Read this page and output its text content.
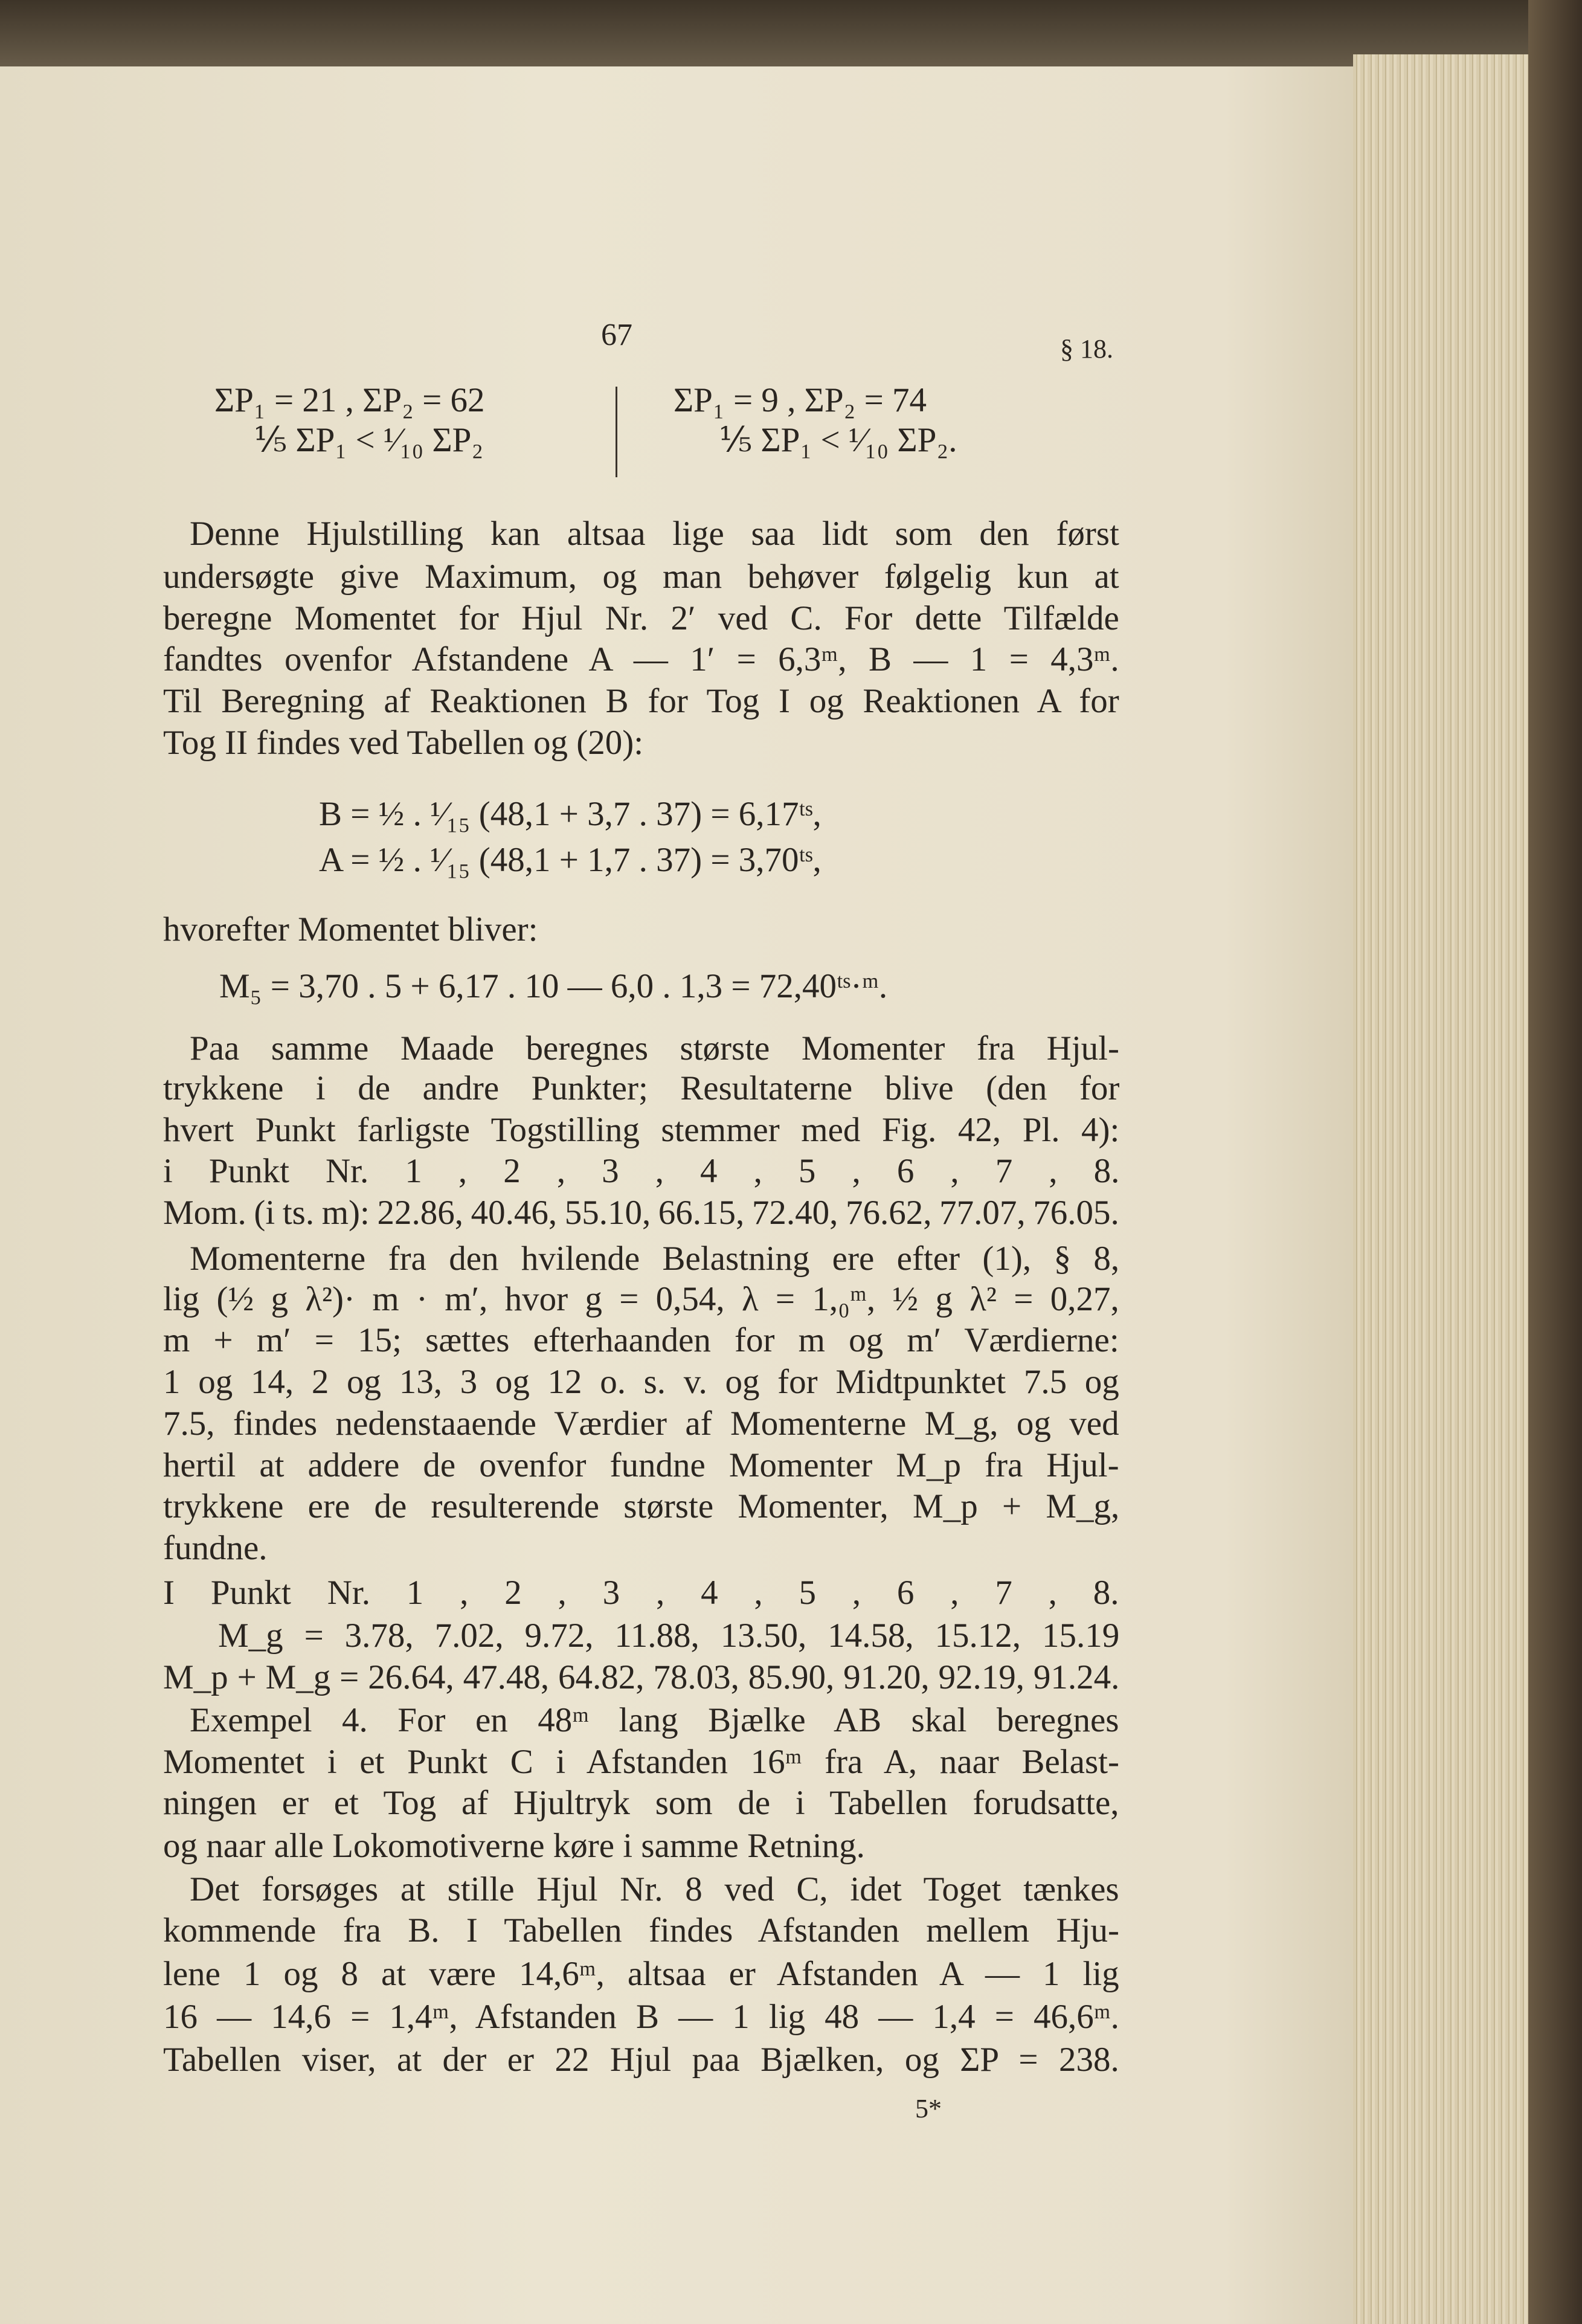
67	§ 18.
ΣP₁ = 21 , ΣP₂ = 62
⅕ ΣP₁ < ¹⁄₁₀ ΣP₂
ΣP₁ = 9 , ΣP₂ = 74
⅕ ΣP₁ < ¹⁄₁₀ ΣP₂.
Denne Hjulstilling kan altsaa lige saa lidt som den først
undersøgte give Maximum, og man behøver følgelig kun at
beregne Momentet for Hjul Nr. 2′ ved C. For dette Tilfælde
fandtes ovenfor Afstandene A — 1′ = 6,3ᵐ, B — 1 = 4,3ᵐ.
Til Beregning af Reaktionen B for Tog I og Reaktionen A for
Tog II findes ved Tabellen og (20):
B = ½ . ¹⁄₁₅ (48,1 + 3,7 . 37) = 6,17ᵗˢ,
A = ½ . ¹⁄₁₅ (48,1 + 1,7 . 37) = 3,70ᵗˢ,
hvorefter Momentet bliver:
M₅ = 3,70 . 5 + 6,17 . 10 — 6,0 . 1,3 = 72,40ᵗˢ·ᵐ.
Paa samme Maade beregnes største Momenter fra Hjul-
trykkene i de andre Punkter; Resultaterne blive (den for
hvert Punkt farligste Togstilling stemmer med Fig. 42, Pl. 4):
i Punkt Nr. 1 , 2 , 3 , 4 , 5 , 6 , 7 , 8.
Mom. (i ts. m): 22.86, 40.46, 55.10, 66.15, 72.40, 76.62, 77.07, 76.05.
Momenterne fra den hvilende Belastning ere efter (1), § 8,
lig (½ g λ²)· m · m′, hvor g = 0,54, λ = 1,₀ᵐ, ½ g λ² = 0,27,
m + m′ = 15; sættes efterhaanden for m og m′ Værdierne:
1 og 14, 2 og 13, 3 og 12 o. s. v. og for Midtpunktet 7.5 og
7.5, findes nedenstaaende Værdier af Momenterne M_g, og ved
hertil at addere de ovenfor fundne Momenter M_p fra Hjul-
trykkene ere de resulterende største Momenter, M_p + M_g,
fundne.
I Punkt Nr. 1 , 2 , 3 , 4 , 5 , 6 , 7 , 8.
M_g = 3.78, 7.02, 9.72, 11.88, 13.50, 14.58, 15.12, 15.19
M_p + M_g = 26.64, 47.48, 64.82, 78.03, 85.90, 91.20, 92.19, 91.24.
Exempel 4. For en 48ᵐ lang Bjælke AB skal beregnes
Momentet i et Punkt C i Afstanden 16ᵐ fra A, naar Belast-
ningen er et Tog af Hjultryk som de i Tabellen forudsatte,
og naar alle Lokomotiverne køre i samme Retning.
Det forsøges at stille Hjul Nr. 8 ved C, idet Toget tænkes
kommende fra B. I Tabellen findes Afstanden mellem Hju-
lene 1 og 8 at være 14,6ᵐ, altsaa er Afstanden A — 1 lig
16 — 14,6 = 1,4ᵐ, Afstanden B — 1 lig 48 — 1,4 = 46,6ᵐ.
Tabellen viser, at der er 22 Hjul paa Bjælken, og ΣP = 238.
5*
